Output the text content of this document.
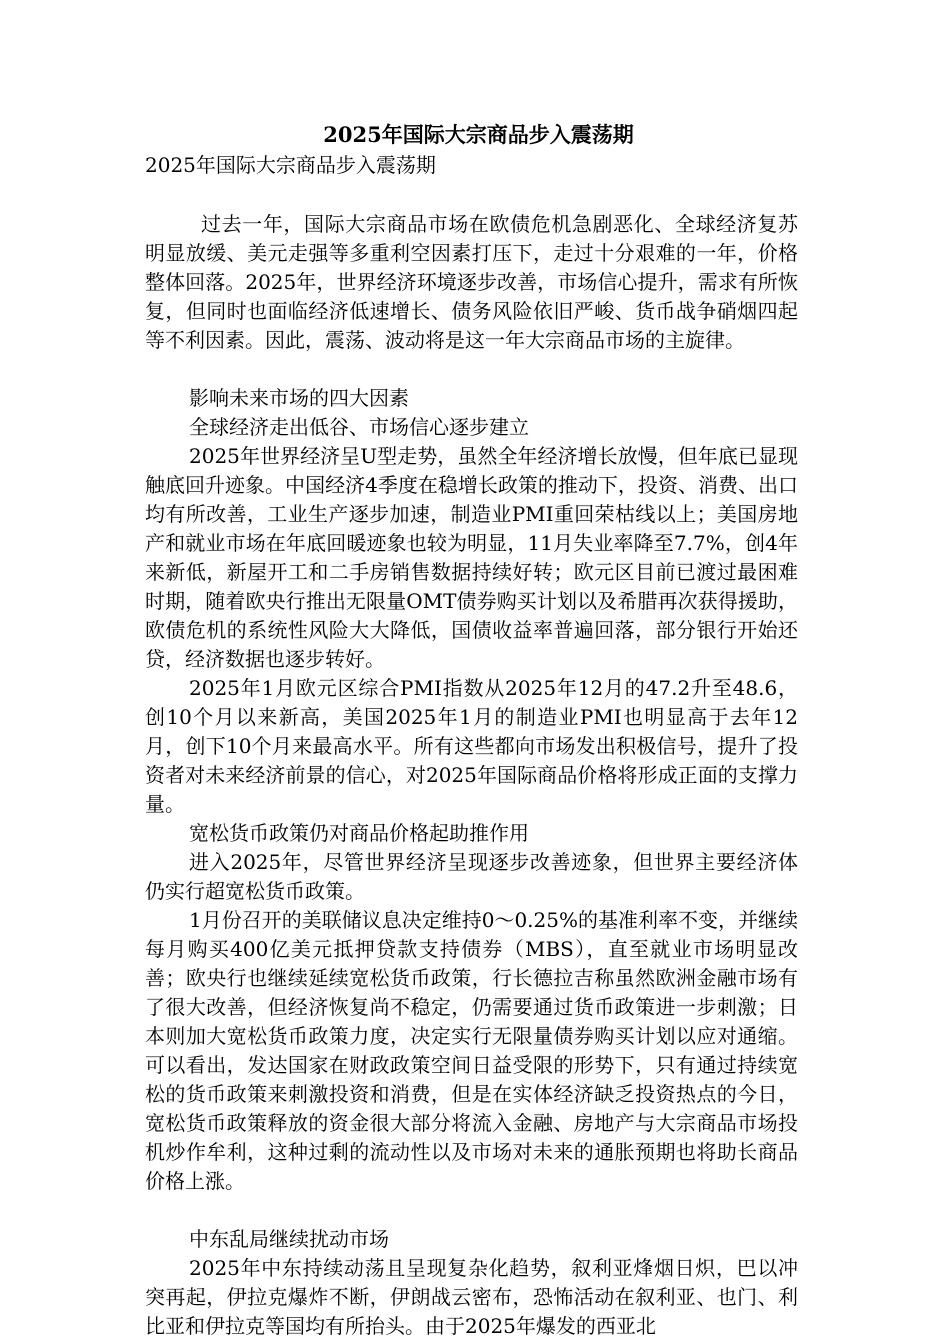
2025年国际大宗商品步入震荡期

2025年国际大宗商品步入震荡期

过去一年，国际大宗商品市场在欧债危机急剧恶化、全球经济复苏明显放缓、美元走强等多重利空因素打压下，走过十分艰难的一年，价格整体回落。2025年，世界经济环境逐步改善，市场信心提升，需求有所恢复，但同时也面临经济低速增长、债务风险依旧严峻、货币战争硝烟四起等不利因素。因此，震荡、波动将是这一年大宗商品市场的主旋律。

影响未来市场的四大因素

全球经济走出低谷、市场信心逐步建立

2025年世界经济呈U型走势，虽然全年经济增长放慢，但年底已显现触底回升迹象。中国经济4季度在稳增长政策的推动下，投资、消费、出口均有所改善，工业生产逐步加速，制造业PMI重回荣枯线以上；美国房地产和就业市场在年底回暖迹象也较为明显，11月失业率降至7.7%，创4年来新低，新屋开工和二手房销售数据持续好转；欧元区目前已渡过最困难时期，随着欧央行推出无限量OMT债券购买计划以及希腊再次获得援助，欧债危机的系统性风险大大降低，国债收益率普遍回落，部分银行开始还贷，经济数据也逐步转好。

2025年1月欧元区综合PMI指数从2025年12月的47.2升至48.6，创10个月以来新高，美国2025年1月的制造业PMI也明显高于去年12月，创下10个月来最高水平。所有这些都向市场发出积极信号，提升了投资者对未来经济前景的信心，对2025年国际商品价格将形成正面的支撑力量。

宽松货币政策仍对商品价格起助推作用

进入2025年，尽管世界经济呈现逐步改善迹象，但世界主要经济体仍实行超宽松货币政策。

1月份召开的美联储议息决定维持0～0.25%的基准利率不变，并继续每月购买400亿美元抵押贷款支持债券（MBS），直至就业市场明显改善；欧央行也继续延续宽松货币政策，行长德拉吉称虽然欧洲金融市场有了很大改善，但经济恢复尚不稳定，仍需要通过货币政策进一步刺激；日本则加大宽松货币政策力度，决定实行无限量债券购买计划以应对通缩。可以看出，发达国家在财政政策空间日益受限的形势下，只有通过持续宽松的货币政策来刺激投资和消费，但是在实体经济缺乏投资热点的今日，宽松货币政策释放的资金很大部分将流入金融、房地产与大宗商品市场投机炒作牟利，这种过剩的流动性以及市场对未来的通胀预期也将助长商品价格上涨。

中东乱局继续扰动市场

2025年中东持续动荡且呈现复杂化趋势，叙利亚烽烟日炽，巴以冲突再起，伊拉克爆炸不断，伊朗战云密布，恐怖活动在叙利亚、也门、利比亚和伊拉克等国均有所抬头。由于2025年爆发的西亚北
